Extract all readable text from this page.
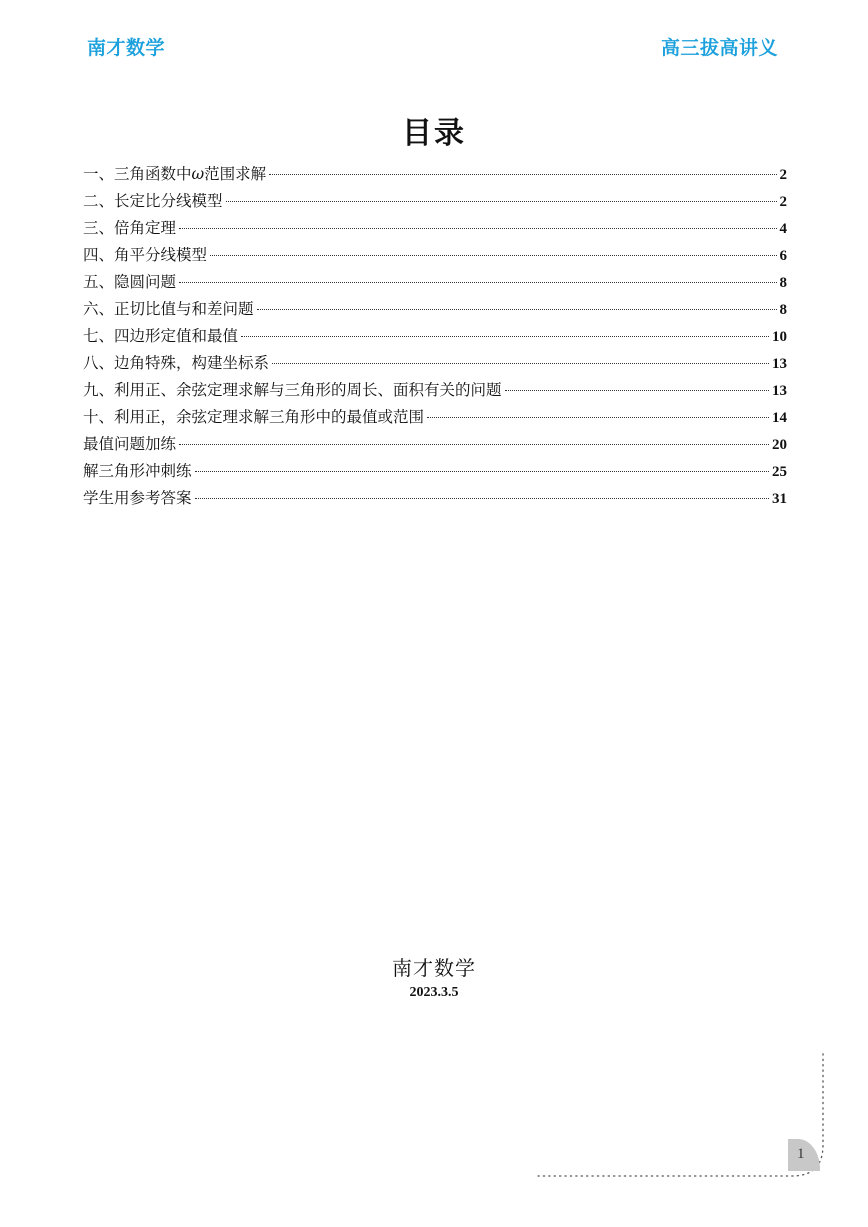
南才数学	高三拔高讲义
目录
一、三角函数中ω范围求解	2
二、长定比分线模型	2
三、倍角定理	4
四、角平分线模型	6
五、隐圆问题	8
六、正切比值与和差问题	8
七、四边形定值和最值	10
八、边角特殊，构建坐标系	13
九、利用正、余弦定理求解与三角形的周长、面积有关的问题	13
十、利用正，余弦定理求解三角形中的最值或范围	14
最值问题加练	20
解三角形冲刺练	25
学生用参考答案	31
南才数学
2023.3.5
1
